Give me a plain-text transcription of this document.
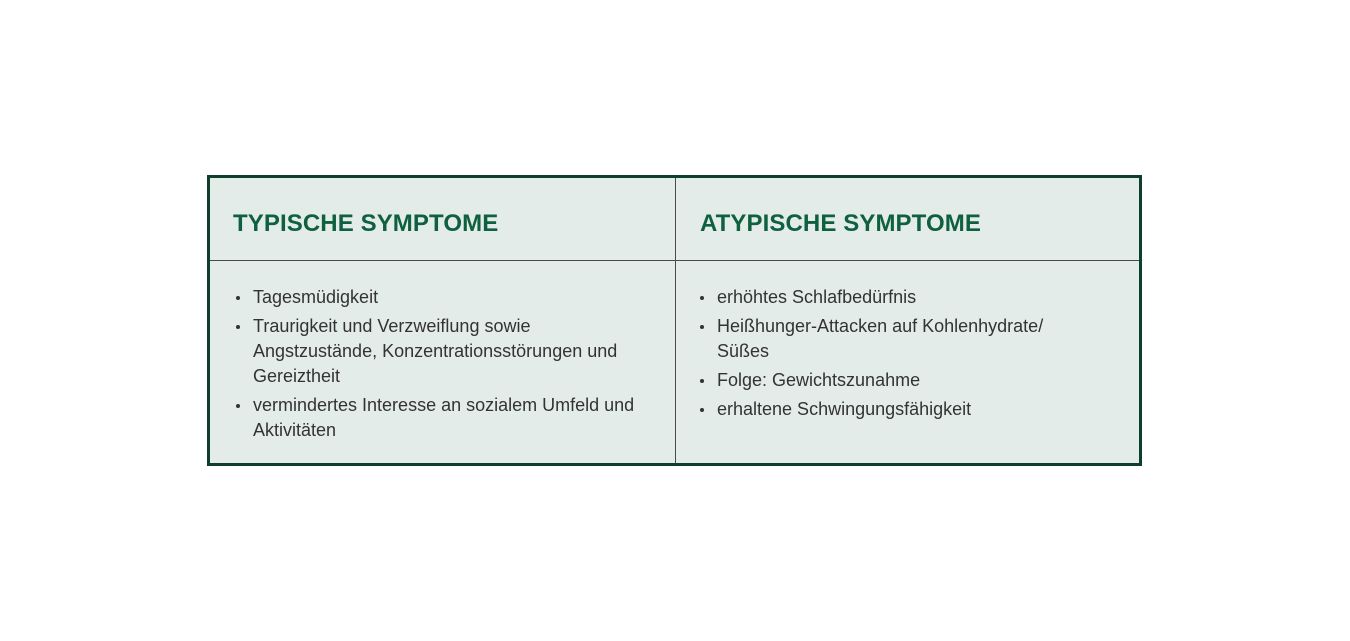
TYPISCHE SYMPTOME	ATYPISCHE SYMPTOME
Tagesmüdigkeit
Traurigkeit und Verzweiflung sowie Angstzustände, Konzentrationsstörungen und Gereiztheit
vermindertes Interesse an sozialem Umfeld und Aktivitäten
erhöhtes Schlafbedürfnis
Heißhunger-Attacken auf Kohlenhydrate/ Süßes
Folge: Gewichtszunahme
erhaltene Schwingungsfähigkeit
